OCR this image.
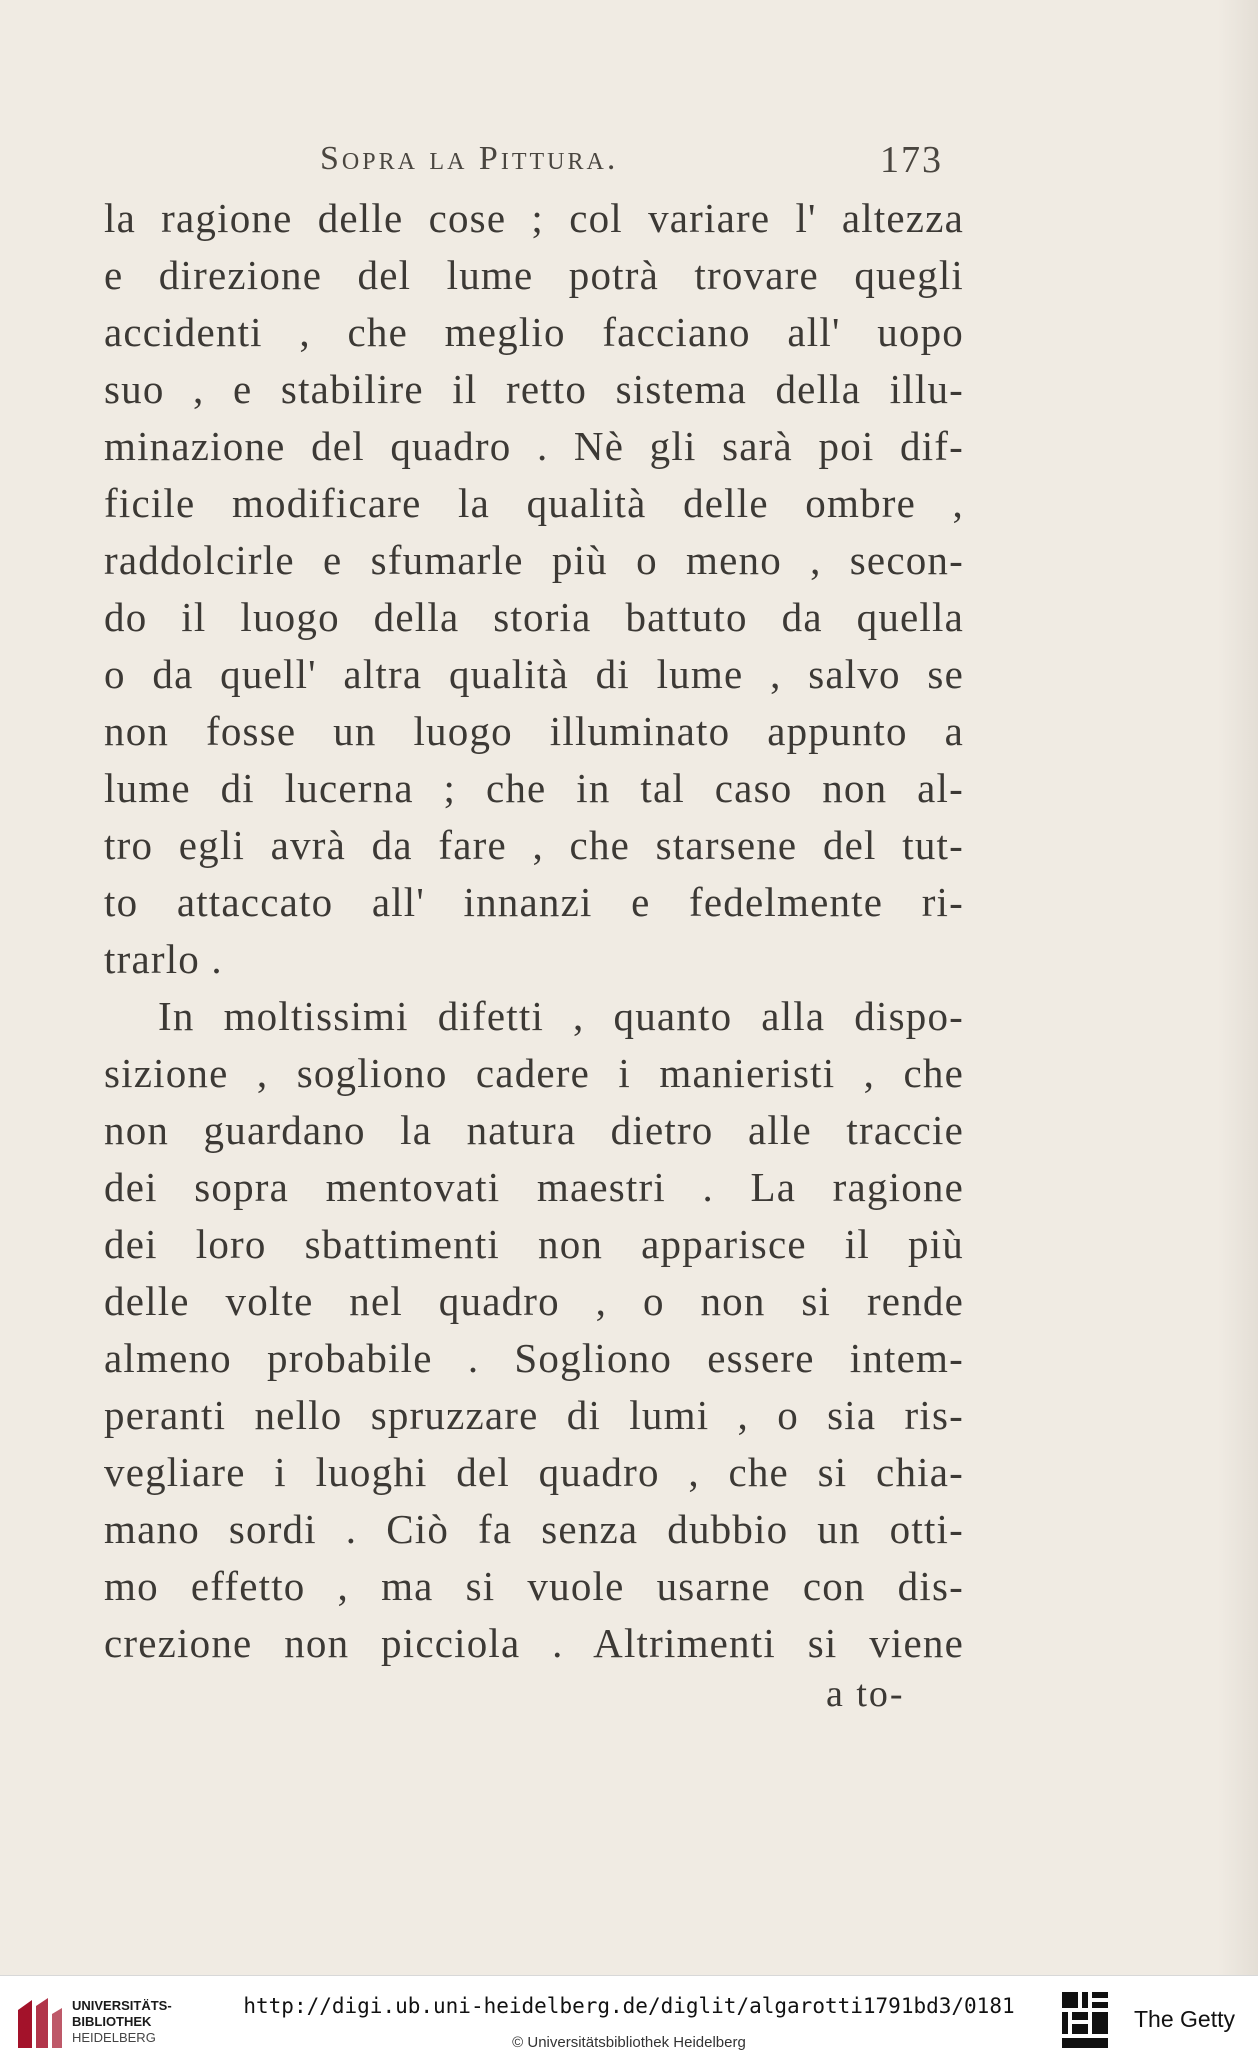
Sopra la Pittura.	173
la ragione delle cose ; col variare l' altezza
e direzione del lume potrà trovare quegli
accidenti , che meglio facciano all' uopo
suo , e stabilire il retto sistema della illu-
minazione del quadro . Nè gli sarà poi dif-
ficile modificare la qualità delle ombre ,
raddolcirle e sfumarle più o meno , secon-
do il luogo della storia battuto da quella
o da quell' altra qualità di lume , salvo se
non fosse un luogo illuminato appunto a
lume di lucerna ; che in tal caso non al-
tro egli avrà da fare , che starsene del tut-
to attaccato all' innanzi e fedelmente ri-
trarlo .
In moltissimi difetti , quanto alla dispo-
sizione , sogliono cadere i manieristi , che
non guardano la natura dietro alle traccie
dei sopra mentovati maestri . La ragione
dei loro sbattimenti non apparisce il più
delle volte nel quadro , o non si rende
almeno probabile . Sogliono essere intem-
peranti nello spruzzare di lumi , o sia ris-
vegliare i luoghi del quadro , che si chia-
mano sordi . Ciò fa senza dubbio un otti-
mo effetto , ma si vuole usarne con dis-
crezione non picciola . Altrimenti si viene
a to-
UNIVERSITÄTS-
BIBLIOTHEK
HEIDELBERG
http://digi.ub.uni-heidelberg.de/diglit/algarotti1791bd3/0181
© Universitätsbibliothek Heidelberg
The Getty
